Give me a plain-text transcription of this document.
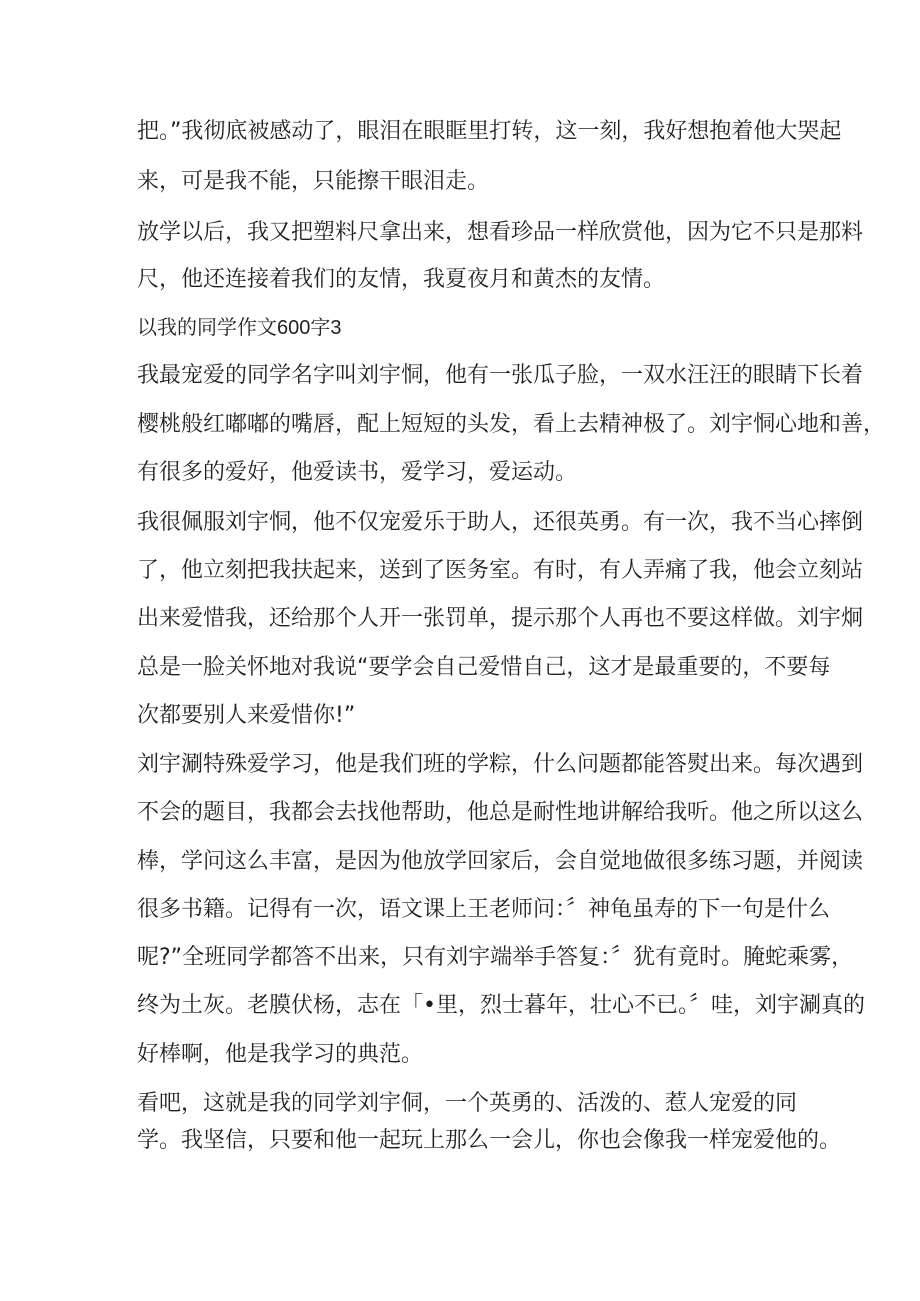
把。”我彻底被感动了，眼泪在眼眶里打转，这一刻，我好想抱着他大哭起
来，可是我不能，只能擦干眼泪走。
放学以后，我又把塑料尺拿出来，想看珍品一样欣赏他，因为它不只是那料
尺，他还连接着我们的友情，我夏夜月和黄杰的友情。
以我的同学作文600字3
我最宠爱的同学名字叫刘宇恫，他有一张瓜子脸，一双水汪汪的眼睛下长着
樱桃般红嘟嘟的嘴唇，配上短短的头发，看上去精神极了。刘宇恫心地和善，
有很多的爱好，他爱读书，爱学习，爱运动。
我很佩服刘宇恫，他不仅宠爱乐于助人，还很英勇。有一次，我不当心摔倒
了，他立刻把我扶起来，送到了医务室。有时，有人弄痛了我，他会立刻站
出来爱惜我，还给那个人开一张罚单，提示那个人再也不要这样做。刘宇炯
总是一脸关怀地对我说“要学会自己爱惜自己，这才是最重要的，不要每
次都要别人来爱惜你!”
刘宇涮特殊爱学习，他是我们班的学粽，什么问题都能答熨出来。每次遇到
不会的题目，我都会去找他帮助，他总是耐性地讲解给我听。他之所以这么
棒，学问这么丰富，是因为他放学回家后，会自觉地做很多练习题，并阅读
很多书籍。记得有一次，语文课上王老师问：〞神龟虽寿的下一句是什么
呢?”全班同学都答不出来，只有刘宇端举手答复：〞犹有竟时。腌蛇乘雾，
终为土灰。老膜伏杨，志在「•里，烈士暮年，壮心不已。〞哇，刘宇涮真的
好棒啊，他是我学习的典范。
看吧，这就是我的同学刘宇侗，一个英勇的、活泼的、惹人宠爱的同
学。我坚信，只要和他一起玩上那么一会儿，你也会像我一样宠爱他的。
